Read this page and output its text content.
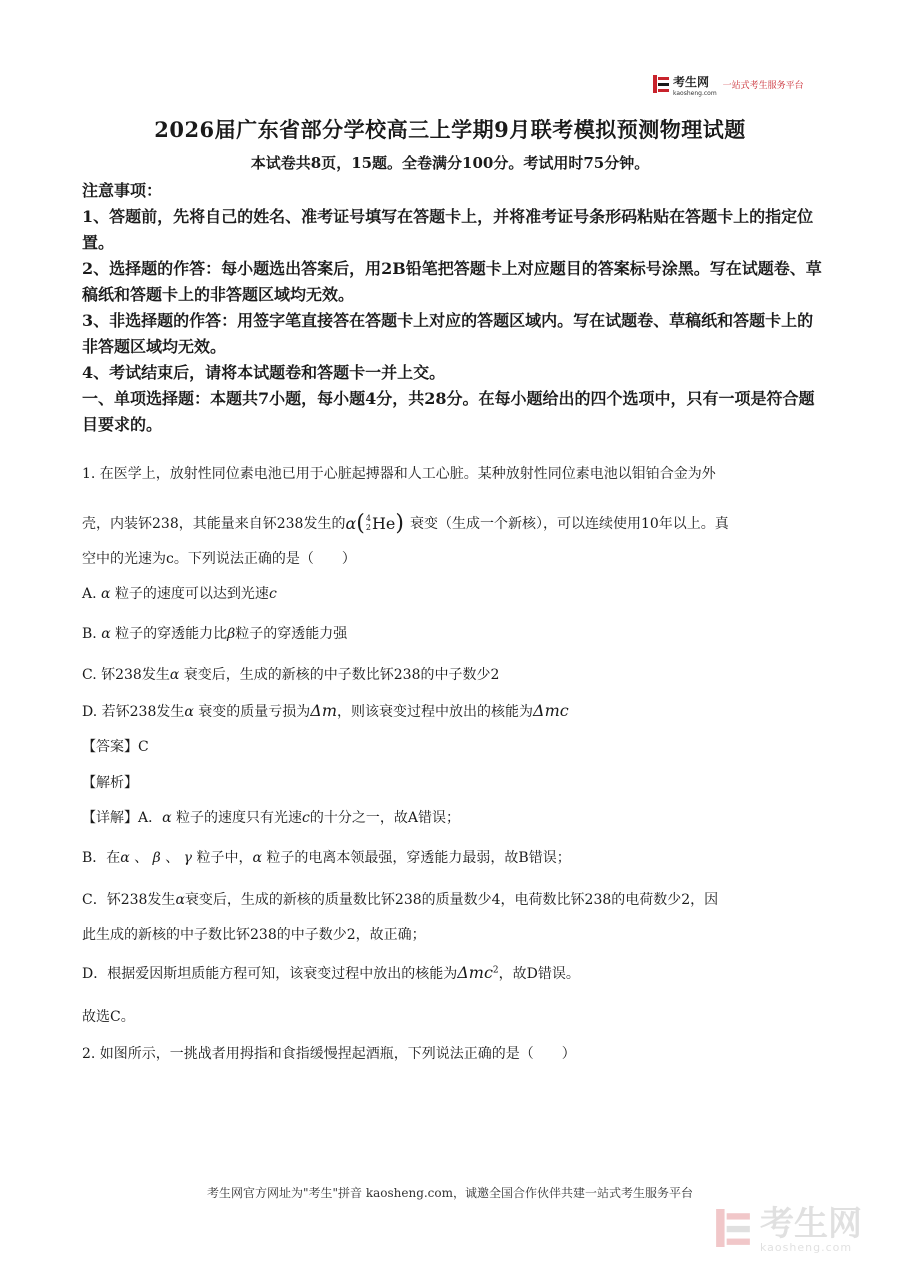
考生网
kaosheng.com
一站式考生服务平台
2026届广东省部分学校高三上学期9月联考模拟预测物理试题
本试卷共8页，15题。全卷满分100分。考试用时75分钟。
注意事项：
1、答题前，先将自己的姓名、准考证号填写在答题卡上，并将准考证号条形码粘贴在答题卡上的指定位置。
2、选择题的作答：每小题选出答案后，用2B铅笔把答题卡上对应题目的答案标号涂黑。写在试题卷、草稿纸和答题卡上的非答题区域均无效。
3、非选择题的作答：用签字笔直接答在答题卡上对应的答题区域内。写在试题卷、草稿纸和答题卡上的非答题区域均无效。
4、考试结束后，请将本试题卷和答题卡一并上交。
一、单项选择题：本题共7小题，每小题4分，共28分。在每小题给出的四个选项中，只有一项是符合题目要求的。
1. 在医学上，放射性同位素电池已用于心脏起搏器和人工心脏。某种放射性同位素电池以钼铂合金为外
壳，内装钚238，其能量来自钚238发生的 α ( 4
2 He ) 衰变（生成一个新核），可以连续使用10年以上。真
空中的光速为c。下列说法正确的是（　　）
A. α 粒子的速度可以达到光速c
B. α 粒子的穿透能力比β粒子的穿透能力强
C. 钚238发生α 衰变后，生成的新核的中子数比钚238的中子数少2
D. 若钚238发生α 衰变的质量亏损为Δm，则该衰变过程中放出的核能为Δmc
【答案】C
【解析】
【详解】A．α 粒子的速度只有光速c的十分之一，故A错误；
B．在α 、 β 、 γ 粒子中，α 粒子的电离本领最强，穿透能力最弱，故B错误；
C．钚238发生α衰变后，生成的新核的质量数比钚238的质量数少4，电荷数比钚238的电荷数少2，因
此生成的新核的中子数比钚238的中子数少2，故正确；
D．根据爱因斯坦质能方程可知，该衰变过程中放出的核能为Δmc$^2$，故D错误。
故选C。
2. 如图所示，一挑战者用拇指和食指缓慢捏起酒瓶，下列说法正确的是（　　）
考生网官方网址为"考生"拼音 kaosheng.com，诚邀全国合作伙伴共建一站式考生服务平台
考生网
kaosheng.com
